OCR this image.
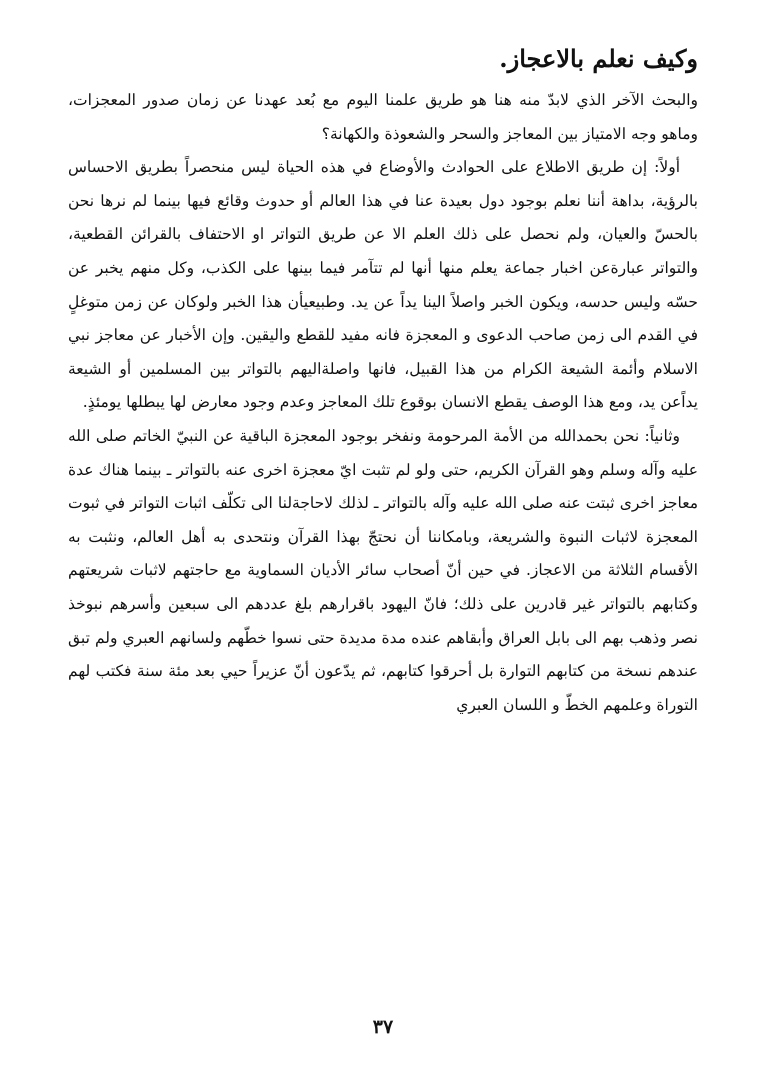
وكيف نعلم بالاعجاز.

والبحث الآخر الذي لابدّ منه هنا هو طريق علمنا اليوم مع بُعد عهدنا عن زمان صدور المعجزات، وماهو وجه الامتياز بين المعاجز والسحر والشعوذة والكهانة؟

أولاً: إن طريق الاطلاع على الحوادث والأوضاع في هذه الحياة ليس منحصراً بطريق الاحساس بالرؤية، بداهة أننا نعلم بوجود دول بعيدة عنا في هذا العالم أو حدوث وقائع فيها بينما لم نرها نحن بالحسّ والعيان، ولم نحصل على ذلك العلم الا عن طريق التواتر او الاحتفاف بالقرائن القطعية، والتواتر عبارةعن اخبار جماعة يعلم منها أنها لم تتآمر فيما بينها على الكذب، وكل منهم يخبر عن حسّه وليس حدسه، ويكون الخبر واصلاً الينا يداً عن يد. وطبيعيأن هذا الخبر ولوكان عن زمن متوغلٍ في القدم الى زمن صاحب الدعوى و المعجزة فانه مفيد للقطع واليقين. وإن الأخبار عن معاجز نبي الاسلام وأئمة الشيعة الكرام من هذا القبيل، فانها واصلةاليهم بالتواتر بين المسلمين أو الشيعة يداًعن يد، ومع هذا الوصف يقطع الانسان بوقوع تلك المعاجز وعدم وجود معارض لها يبطلها يومئذٍ.

وثانياً: نحن بحمدالله من الأمة المرحومة ونفخر بوجود المعجزة الباقية عن النبيّ الخاتم صلى الله عليه وآله وسلم وهو القرآن الكريم، حتى ولو لم تثبت ايّ معجزة اخرى عنه بالتواتر ـ بينما هناك عدة معاجز اخرى ثبتت عنه صلى الله عليه وآله بالتواتر ـ لذلك لاحاجةلنا الى تكلّف اثبات التواتر في ثبوت المعجزة لاثبات النبوة والشريعة، وبامكاننا أن نحتجّ بهذا القرآن ونتحدى به أهل العالم، ونثبت به الأقسام الثلاثة من الاعجاز. في حين أنّ أصحاب سائر الأديان السماوية مع حاجتهم لاثبات شريعتهم وكتابهم بالتواتر غير قادرين على ذلك؛ فانّ اليهود باقرارهم بلغ عددهم الى سبعين وأسرهم نبوخذ نصر وذهب بهم الى بابل العراق وأبقاهم عنده مدة مديدة حتى نسوا خطّهم ولسانهم العبري ولم تبق عندهم نسخة من كتابهم التوارة بل أحرقوا كتابهم، ثم يدّعون أنّ عزيراً حيي بعد مئة سنة فكتب لهم التوراة وعلمهم الخطّ و اللسان العبري

٣٧
